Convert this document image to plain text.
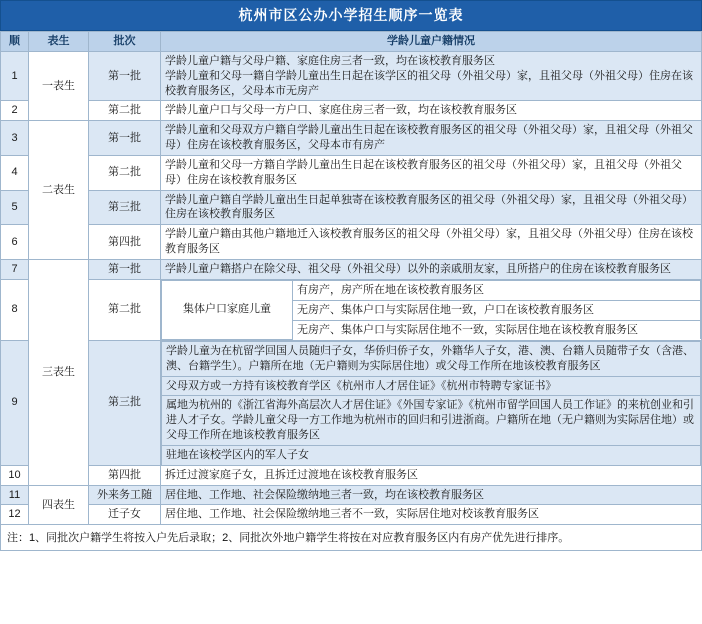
杭州市区公办小学招生顺序一览表
顺	表生	批次	学龄儿童户籍情况
1	一表生	第一批	
学龄儿童户籍与父母户籍、家庭住房三者一致，均在该校教育服务区
学龄儿童和父母一籍自学龄儿童出生日起在该学区的祖父母（外祖父母）家，且祖父母（外祖父母）住房在该校教育服务区，父母本市无房产

2	第二批	学龄儿童户口与父母一方户口、家庭住房三者一致，均在该校教育服务区
3	二表生	第一批	学龄儿童和父母双方户籍自学龄儿童出生日起在该校教育服务区的祖父母（外祖父母）家，且祖父母（外祖父母）住房在该校教育服务区，父母本市有房产
4	第二批	学龄儿童和父母一方籍自学龄儿童出生日起在该校教育服务区的祖父母（外祖父母）家，且祖父母（外祖父母）住房在该校教育服务区
5	第三批	学龄儿童户籍自学龄儿童出生日起单独寄在该校教育服务区的祖父母（外祖父母）家，且祖父母（外祖父母）住房在该校教育服务区
6	第四批	学龄儿童户籍由其他户籍地迁入该校教育服务区的祖父母（外祖父母）家，且祖父母（外祖父母）住房在该校教育服务区
7	三表生	第一批	学龄儿童户籍搭户在除父母、祖父母（外祖父母）以外的亲戚朋友家，且所搭户的住房在该校教育服务区
8	第二批		集体户口家庭儿童	有房产，房产所在地在该校教育服务区
无房产、集体户口与实际居住地一致，户口在该校教育服务区
无房产、集体户口与实际居住地不一致，实际居住地在该校教育服务区

9	第三批	
学龄儿童为在杭留学回国人员随归子女，华侨归侨子女，外籍华人子女，港、澳、台籍人员随带子女（含港、澳、台籍学生）。户籍所在地（无户籍则为实际居住地）或父母工作所在地该校教育服务区
父母双方或一方持有该校教育学区《杭州市人才居住证》《杭州市特聘专家证书》
属地为杭州的《浙江省海外高层次人才居住证》《外国专家证》《杭州市留学回国人员工作证》的来杭创业和引进人才子女。学龄儿童父母一方工作地为杭州市的回归和引进浙商。户籍所在地（无户籍则为实际居住地）或父母工作所在地该校教育服务区
驻地在该校学区内的军人子女

10	第四批	拆迁过渡家庭子女，且拆迁过渡地在该校教育服务区
11	四表生	外来务工随	居住地、工作地、社会保险缴纳地三者一致，均在该校教育服务区
12	迁子女	居住地、工作地、社会保险缴纳地三者不一致，实际居住地对校该教育服务区
注：1、同批次户籍学生将按入户先后录取；2、同批次外地户籍学生将按在对应教育服务区内有房产优先进行排序。
